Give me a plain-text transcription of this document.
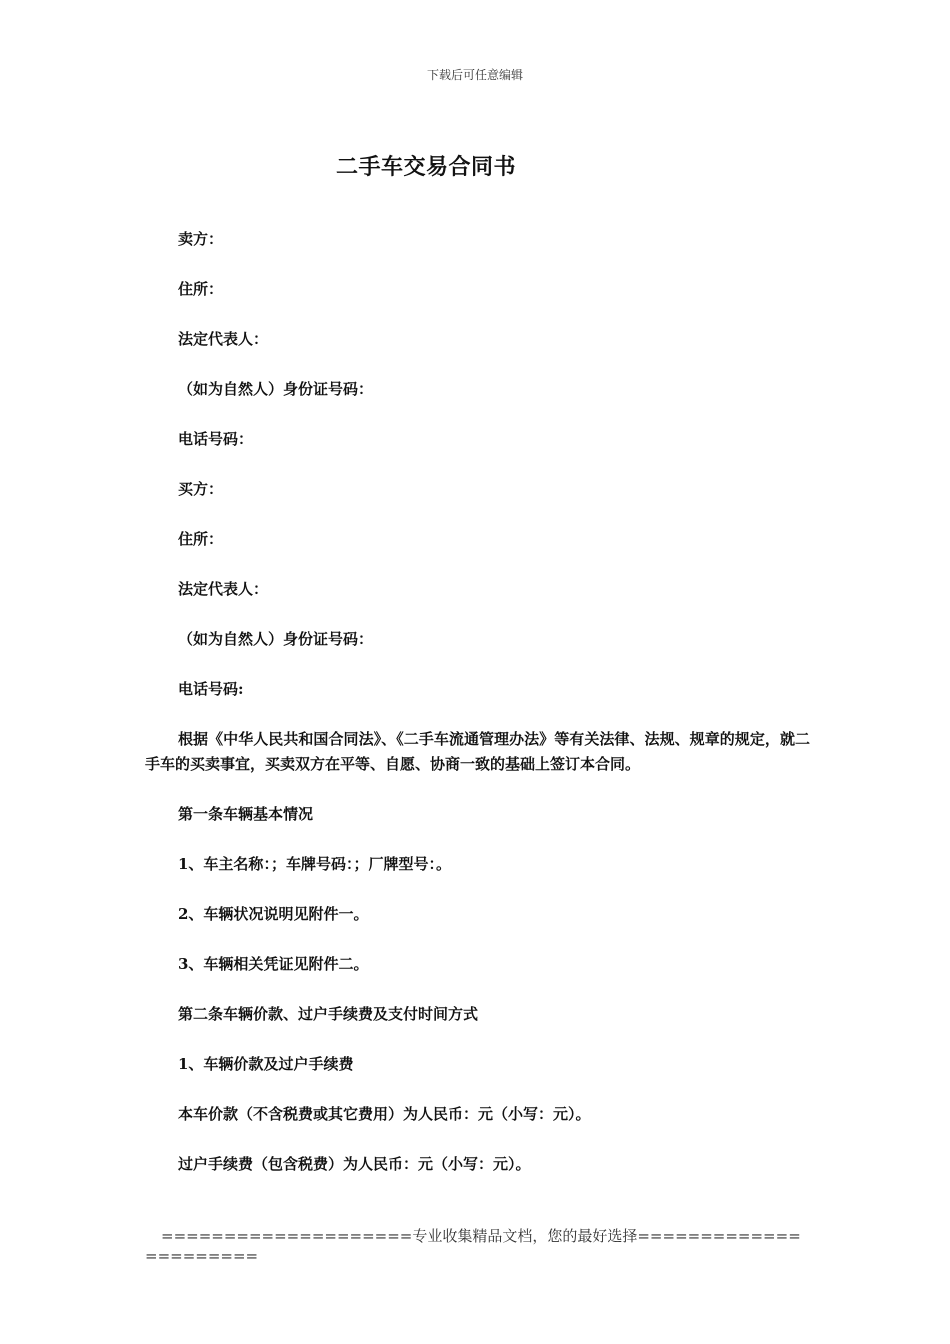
下载后可任意编辑
二手车交易合同书

卖方：

住所：

法定代表人：

（如为自然人）身份证号码：

电话号码：

买方：

住所：

法定代表人：

（如为自然人）身份证号码：

电话号码:

根据《中华人民共和国合同法》、《二手车流通管理办法》等有关法律、法规、规章的规定，就二手车的买卖事宜，买卖双方在平等、自愿、协商一致的基础上签订本合同。

第一条车辆基本情况

1、车主名称：；车牌号码：；厂牌型号：。

2、车辆状况说明见附件一。

3、车辆相关凭证见附件二。

第二条车辆价款、过户手续费及支付时间方式

1、车辆价款及过户手续费

本车价款（不含税费或其它费用）为人民币：元（小写：元）。

过户手续费（包含税费）为人民币：元（小写：元）。

====================专业收集精品文档，您的最好选择======================
